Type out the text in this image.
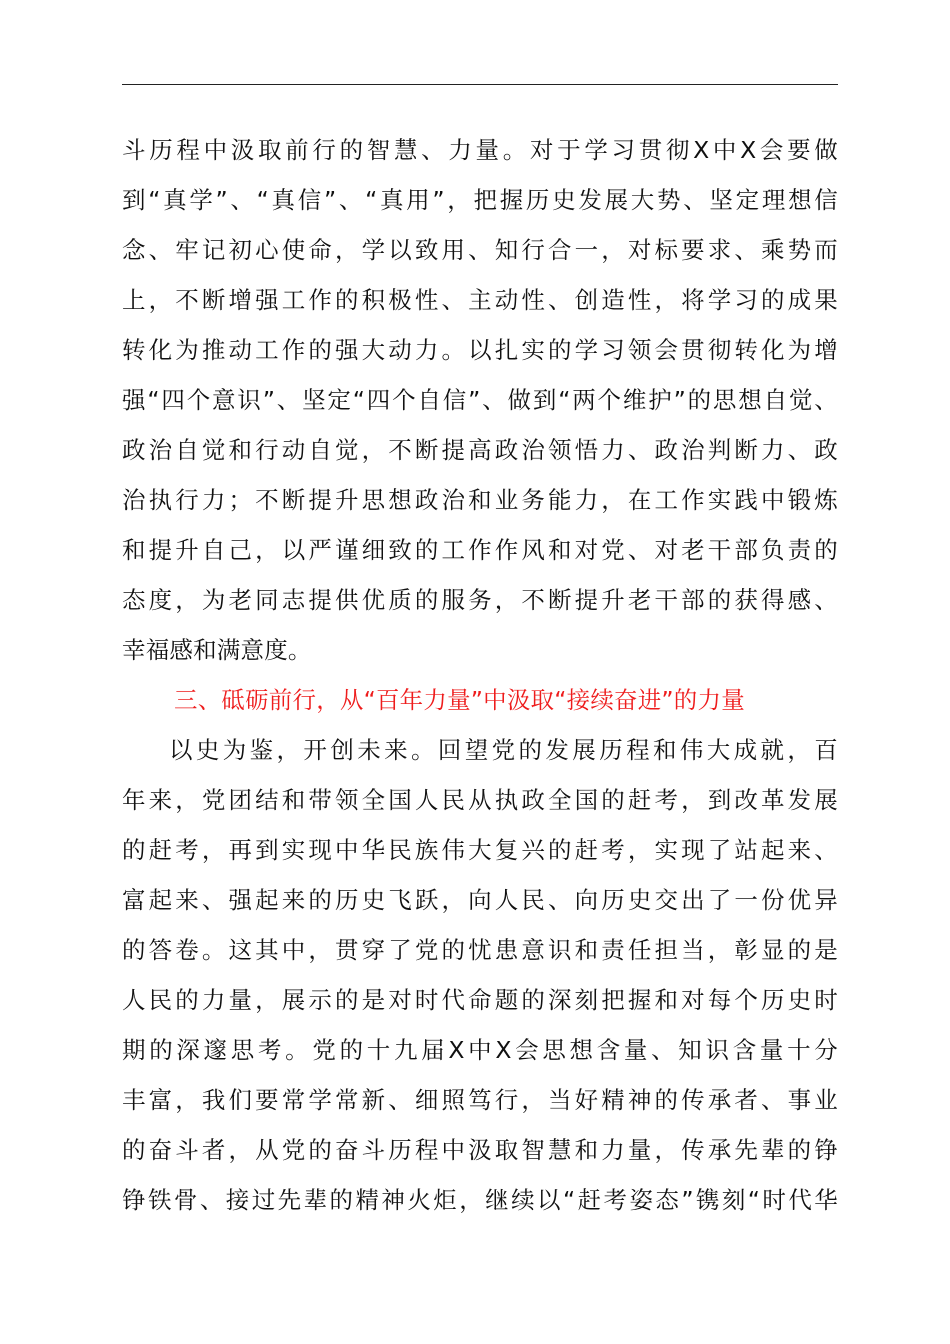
斗历程中汲取前行的智慧、力量。对于学习贯彻X中X会要做
到“真学”、“真信”、“真用”，把握历史发展大势、坚定理想信
念、牢记初心使命，学以致用、知行合一，对标要求、乘势而
上，不断增强工作的积极性、主动性、创造性，将学习的成果
转化为推动工作的强大动力。以扎实的学习领会贯彻转化为增
强“四个意识”、坚定“四个自信”、做到“两个维护”的思想自觉、
政治自觉和行动自觉，不断提高政治领悟力、政治判断力、政
治执行力；不断提升思想政治和业务能力，在工作实践中锻炼
和提升自己，以严谨细致的工作作风和对党、对老干部负责的
态度，为老同志提供优质的服务，不断提升老干部的获得感、
幸福感和满意度。
三、砥砺前行，从“百年力量”中汲取“接续奋进”的力量
以史为鉴，开创未来。回望党的发展历程和伟大成就，百
年来，党团结和带领全国人民从执政全国的赶考，到改革发展
的赶考，再到实现中华民族伟大复兴的赶考，实现了站起来、
富起来、强起来的历史飞跃，向人民、向历史交出了一份优异
的答卷。这其中，贯穿了党的忧患意识和责任担当，彰显的是
人民的力量，展示的是对时代命题的深刻把握和对每个历史时
期的深邃思考。党的十九届X中X会思想含量、知识含量十分
丰富，我们要常学常新、细照笃行，当好精神的传承者、事业
的奋斗者，从党的奋斗历程中汲取智慧和力量，传承先辈的铮
铮铁骨、接过先辈的精神火炬，继续以“赶考姿态”镌刻“时代华
